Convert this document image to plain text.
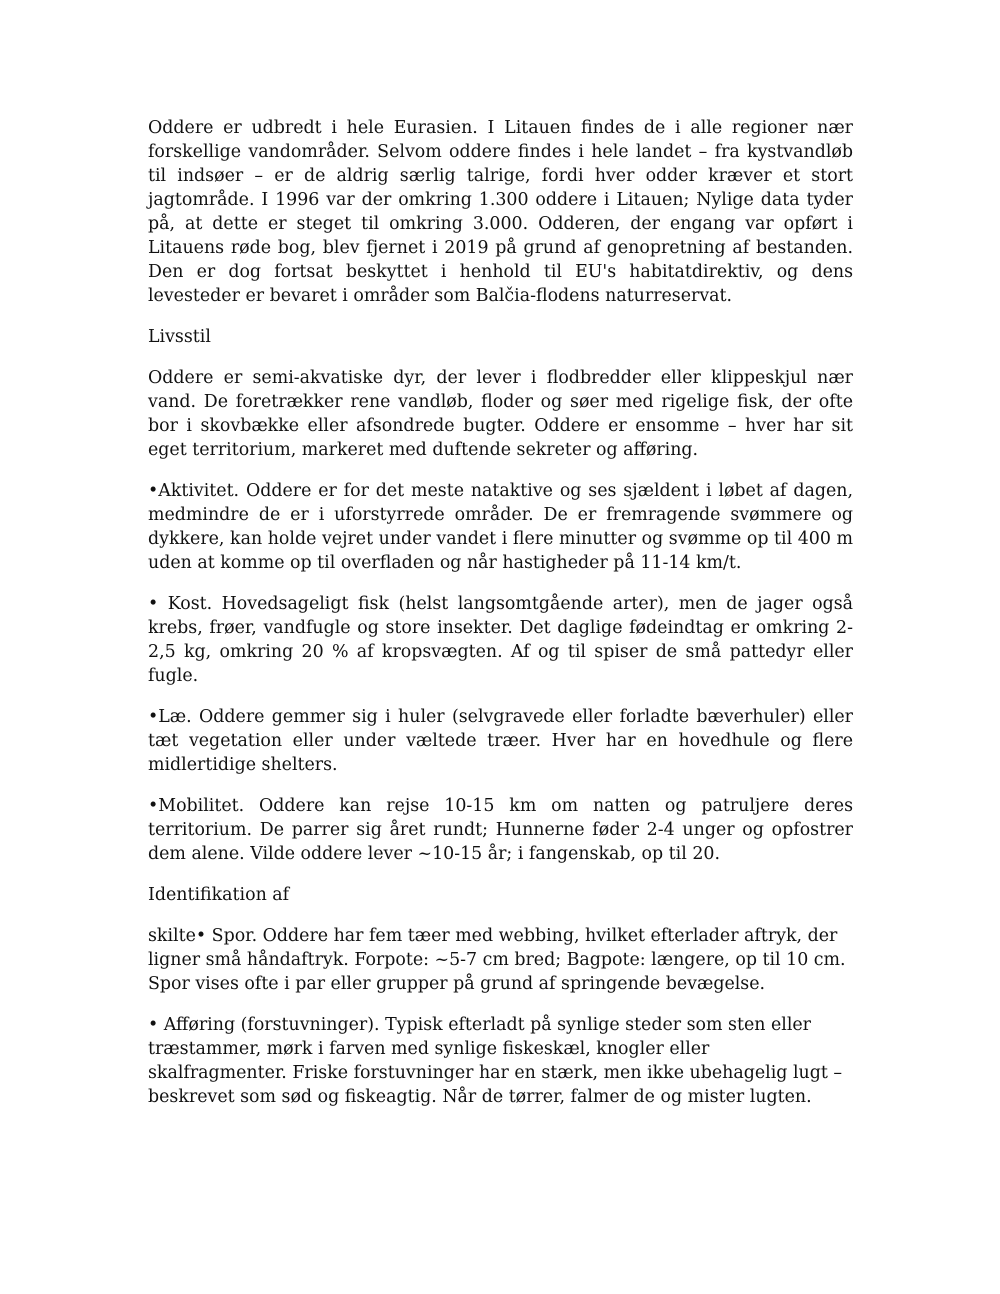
Oddere er udbredt i hele Eurasien. I Litauen findes de i alle regioner nær forskellige vandområder. Selvom oddere findes i hele landet – fra kystvandløb til indsøer – er de aldrig særlig talrige, fordi hver odder kræver et stort jagtområde. I 1996 var der omkring 1.300 oddere i Litauen; Nylige data tyder på, at dette er steget til omkring 3.000. Odderen, der engang var opført i Litauens røde bog, blev fjernet i 2019 på grund af genopretning af bestanden. Den er dog fortsat beskyttet i henhold til EU's habitatdirektiv, og dens levesteder er bevaret i områder som Balčia-flodens naturreservat.

Livsstil

Oddere er semi-akvatiske dyr, der lever i flodbredder eller klippeskjul nær vand. De foretrækker rene vandløb, floder og søer med rigelige fisk, der ofte bor i skovbække eller afsondrede bugter. Oddere er ensomme – hver har sit eget territorium, markeret med duftende sekreter og afføring.

•Aktivitet. Oddere er for det meste nataktive og ses sjældent i løbet af dagen, medmindre de er i uforstyrrede områder. De er fremragende svømmere og dykkere, kan holde vejret under vandet i flere minutter og svømme op til 400 m uden at komme op til overfladen og når hastigheder på 11-14 km/t.

• Kost. Hovedsageligt fisk (helst langsomtgående arter), men de jager også krebs, frøer, vandfugle og store insekter. Det daglige fødeindtag er omkring 2-2,5 kg, omkring 20 % af kropsvægten. Af og til spiser de små pattedyr eller fugle.

•Læ. Oddere gemmer sig i huler (selvgravede eller forladte bæverhuler) eller tæt vegetation eller under væltede træer. Hver har en hovedhule og flere midlertidige shelters.

•Mobilitet. Oddere kan rejse 10-15 km om natten og patruljere deres territorium. De parrer sig året rundt; Hunnerne føder 2-4 unger og opfostrer dem alene. Vilde oddere lever ~10-15 år; i fangenskab, op til 20.

Identifikation af

skilte• Spor. Oddere har fem tæer med webbing, hvilket efterlader aftryk, der ligner små håndaftryk. Forpote: ~5-7 cm bred; Bagpote: længere, op til 10 cm. Spor vises ofte i par eller grupper på grund af springende bevægelse.

• Afføring (forstuvninger). Typisk efterladt på synlige steder som sten eller træstammer, mørk i farven med synlige fiskeskæl, knogler eller skalfragmenter. Friske forstuvninger har en stærk, men ikke ubehagelig lugt – beskrevet som sød og fiskeagtig. Når de tørrer, falmer de og mister lugten.
